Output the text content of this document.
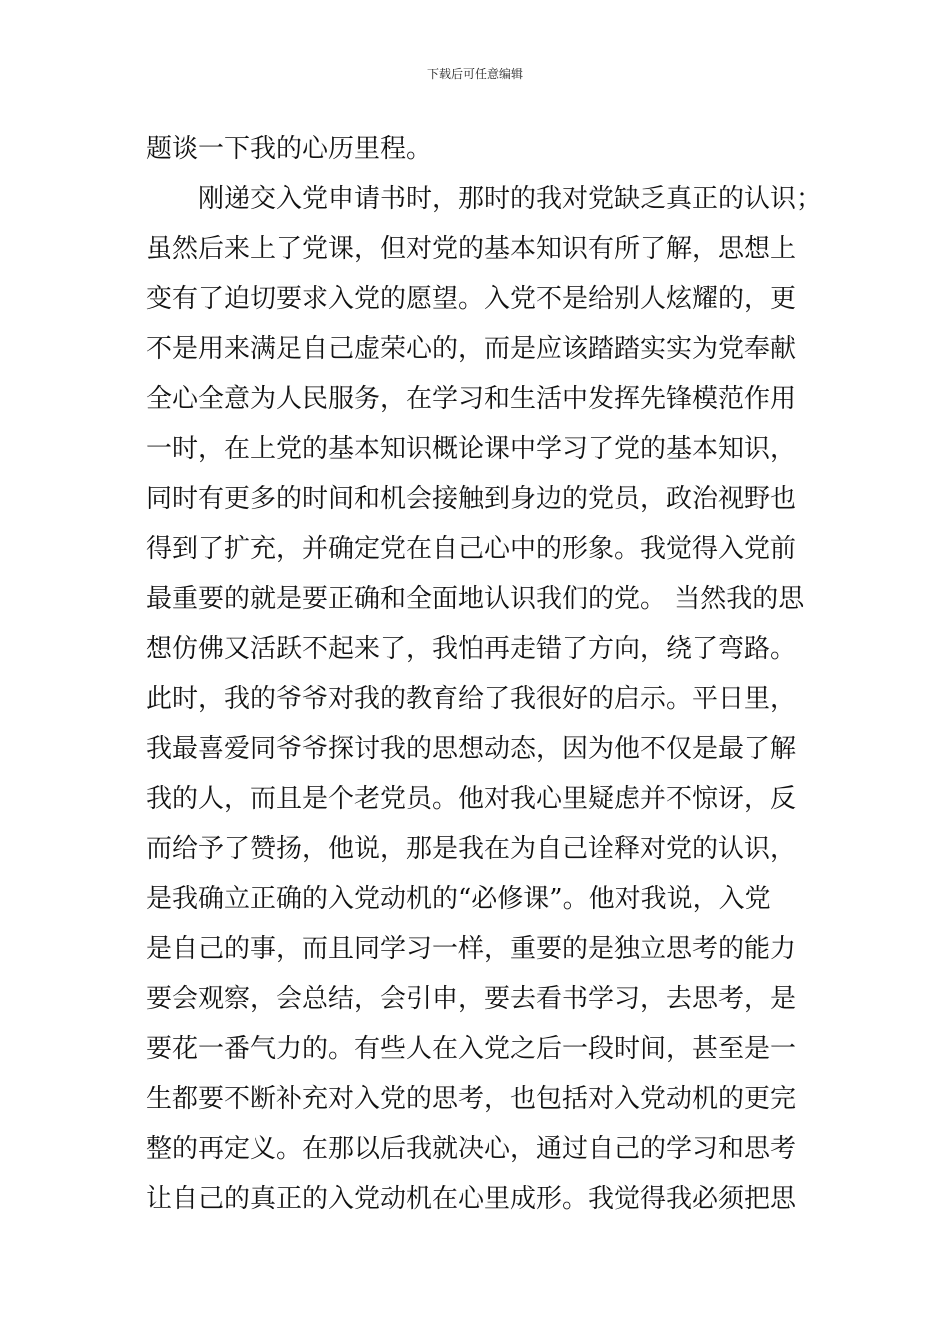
下载后可任意编辑
题谈一下我的心历里程。
　　刚递交入党申请书时，那时的我对党缺乏真正的认识；
虽然后来上了党课，但对党的基本知识有所了解，思想上
变有了迫切要求入党的愿望。入党不是给别人炫耀的，更
不是用来满足自己虚荣心的，而是应该踏踏实实为党奉献
全心全意为人民服务，在学习和生活中发挥先锋模范作用
一时，在上党的基本知识概论课中学习了党的基本知识，
同时有更多的时间和机会接触到身边的党员，政治视野也
得到了扩充，并确定党在自己心中的形象。我觉得入党前
最重要的就是要正确和全面地认识我们的党。 当然我的思
想仿佛又活跃不起来了，我怕再走错了方向，绕了弯路。
此时，我的爷爷对我的教育给了我很好的启示。平日里，
我最喜爱同爷爷探讨我的思想动态，因为他不仅是最了解
我的人，而且是个老党员。他对我心里疑虑并不惊讶，反
而给予了赞扬，他说，那是我在为自己诠释对党的认识，
是我确立正确的入党动机的“必修课”。他对我说，入党
是自己的事，而且同学习一样，重要的是独立思考的能力
要会观察，会总结，会引申，要去看书学习，去思考，是
要花一番气力的。有些人在入党之后一段时间，甚至是一
生都要不断补充对入党的思考，也包括对入党动机的更完
整的再定义。在那以后我就决心，通过自己的学习和思考
让自己的真正的入党动机在心里成形。我觉得我必须把思
